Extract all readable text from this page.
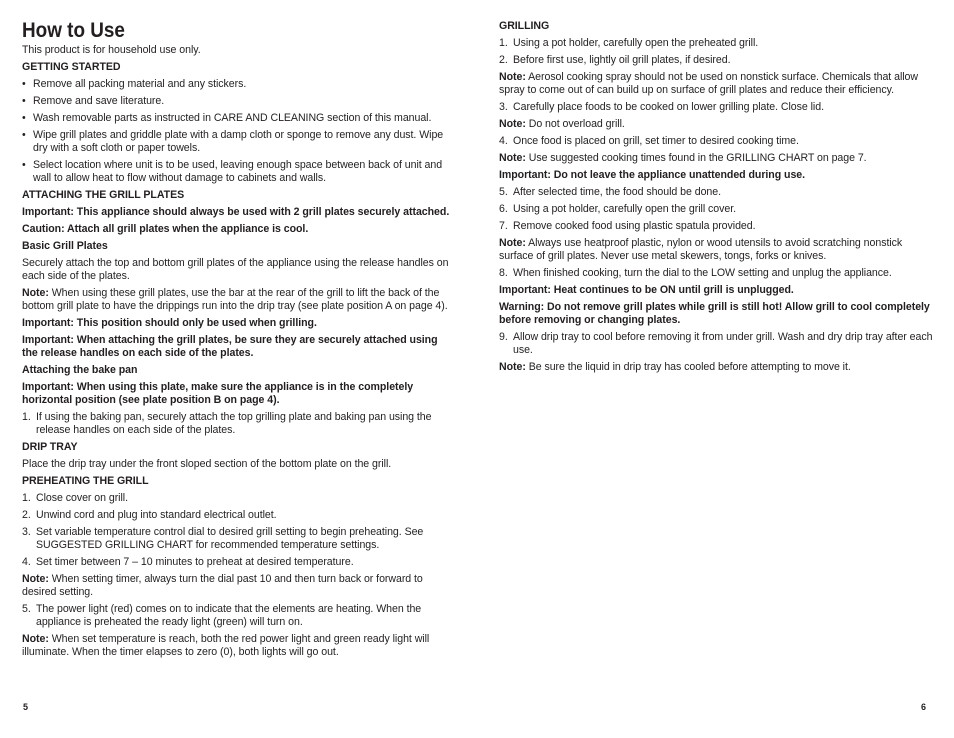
How to Use

This product is for household use only.

GETTING STARTED

• Remove all packing material and any stickers.
• Remove and save literature.
• Wash removable parts as instructed in CARE AND CLEANING section of this manual.
• Wipe grill plates and griddle plate with a damp cloth or sponge to remove any dust. Wipe dry with a soft cloth or paper towels.
• Select location where unit is to be used, leaving enough space between back of unit and wall to allow heat to flow without damage to cabinets and walls.

ATTACHING THE GRILL PLATES

Important: This appliance should always be used with 2 grill plates securely attached.

Caution: Attach all grill plates when the appliance is cool.

Basic Grill Plates

Securely attach the top and bottom grill plates of the appliance using the release handles on each side of the plates.

Note: When using these grill plates, use the bar at the rear of the grill to lift the back of the bottom grill plate to have the drippings run into the drip tray (see plate position A on page 4).

Important: This position should only be used when grilling.

Important: When attaching the grill plates, be sure they are securely attached using the release handles on each side of the plates.

Attaching the bake pan

Important: When using this plate, make sure the appliance is in the completely horizontal position (see plate position B on page 4).

1. If using the baking pan, securely attach the top grilling plate and baking pan using the release handles on each side of the plates.

DRIP TRAY

Place the drip tray under the front sloped section of the bottom plate on the grill.

PREHEATING THE GRILL

1. Close cover on grill.
2. Unwind cord and plug into standard electrical outlet.
3. Set variable temperature control dial to desired grill setting to begin preheating. See SUGGESTED GRILLING CHART for recommended temperature settings.
4. Set timer between 7 – 10 minutes to preheat at desired temperature.

Note: When setting timer, always turn the dial past 10 and then turn back or forward to desired setting.

5. The power light (red) comes on to indicate that the elements are heating. When the appliance is preheated the ready light (green) will turn on.

Note: When set temperature is reach, both the red power light and green ready light will illuminate. When the timer elapses to zero (0), both lights will go out.

GRILLING

1. Using a pot holder, carefully open the preheated grill.
2. Before first use, lightly oil grill plates, if desired.

Note: Aerosol cooking spray should not be used on nonstick surface. Chemicals that allow spray to come out of can build up on surface of grill plates and reduce their efficiency.

3. Carefully place foods to be cooked on lower grilling plate. Close lid.

Note: Do not overload grill.

4. Once food is placed on grill, set timer to desired cooking time.

Note: Use suggested cooking times found in the GRILLING CHART on page 7.

Important: Do not leave the appliance unattended during use.

5. After selected time, the food should be done.
6. Using a pot holder, carefully open the grill cover.
7. Remove cooked food using plastic spatula provided.

Note: Always use heatproof plastic, nylon or wood utensils to avoid scratching nonstick surface of grill plates. Never use metal skewers, tongs, forks or knives.

8. When finished cooking, turn the dial to the LOW setting and unplug the appliance.

Important: Heat continues to be ON until grill is unplugged.

Warning: Do not remove grill plates while grill is still hot! Allow grill to cool completely before removing or changing plates.

9. Allow drip tray to cool before removing it from under grill. Wash and dry drip tray after each use.

Note: Be sure the liquid in drip tray has cooled before attempting to move it.

5	6
